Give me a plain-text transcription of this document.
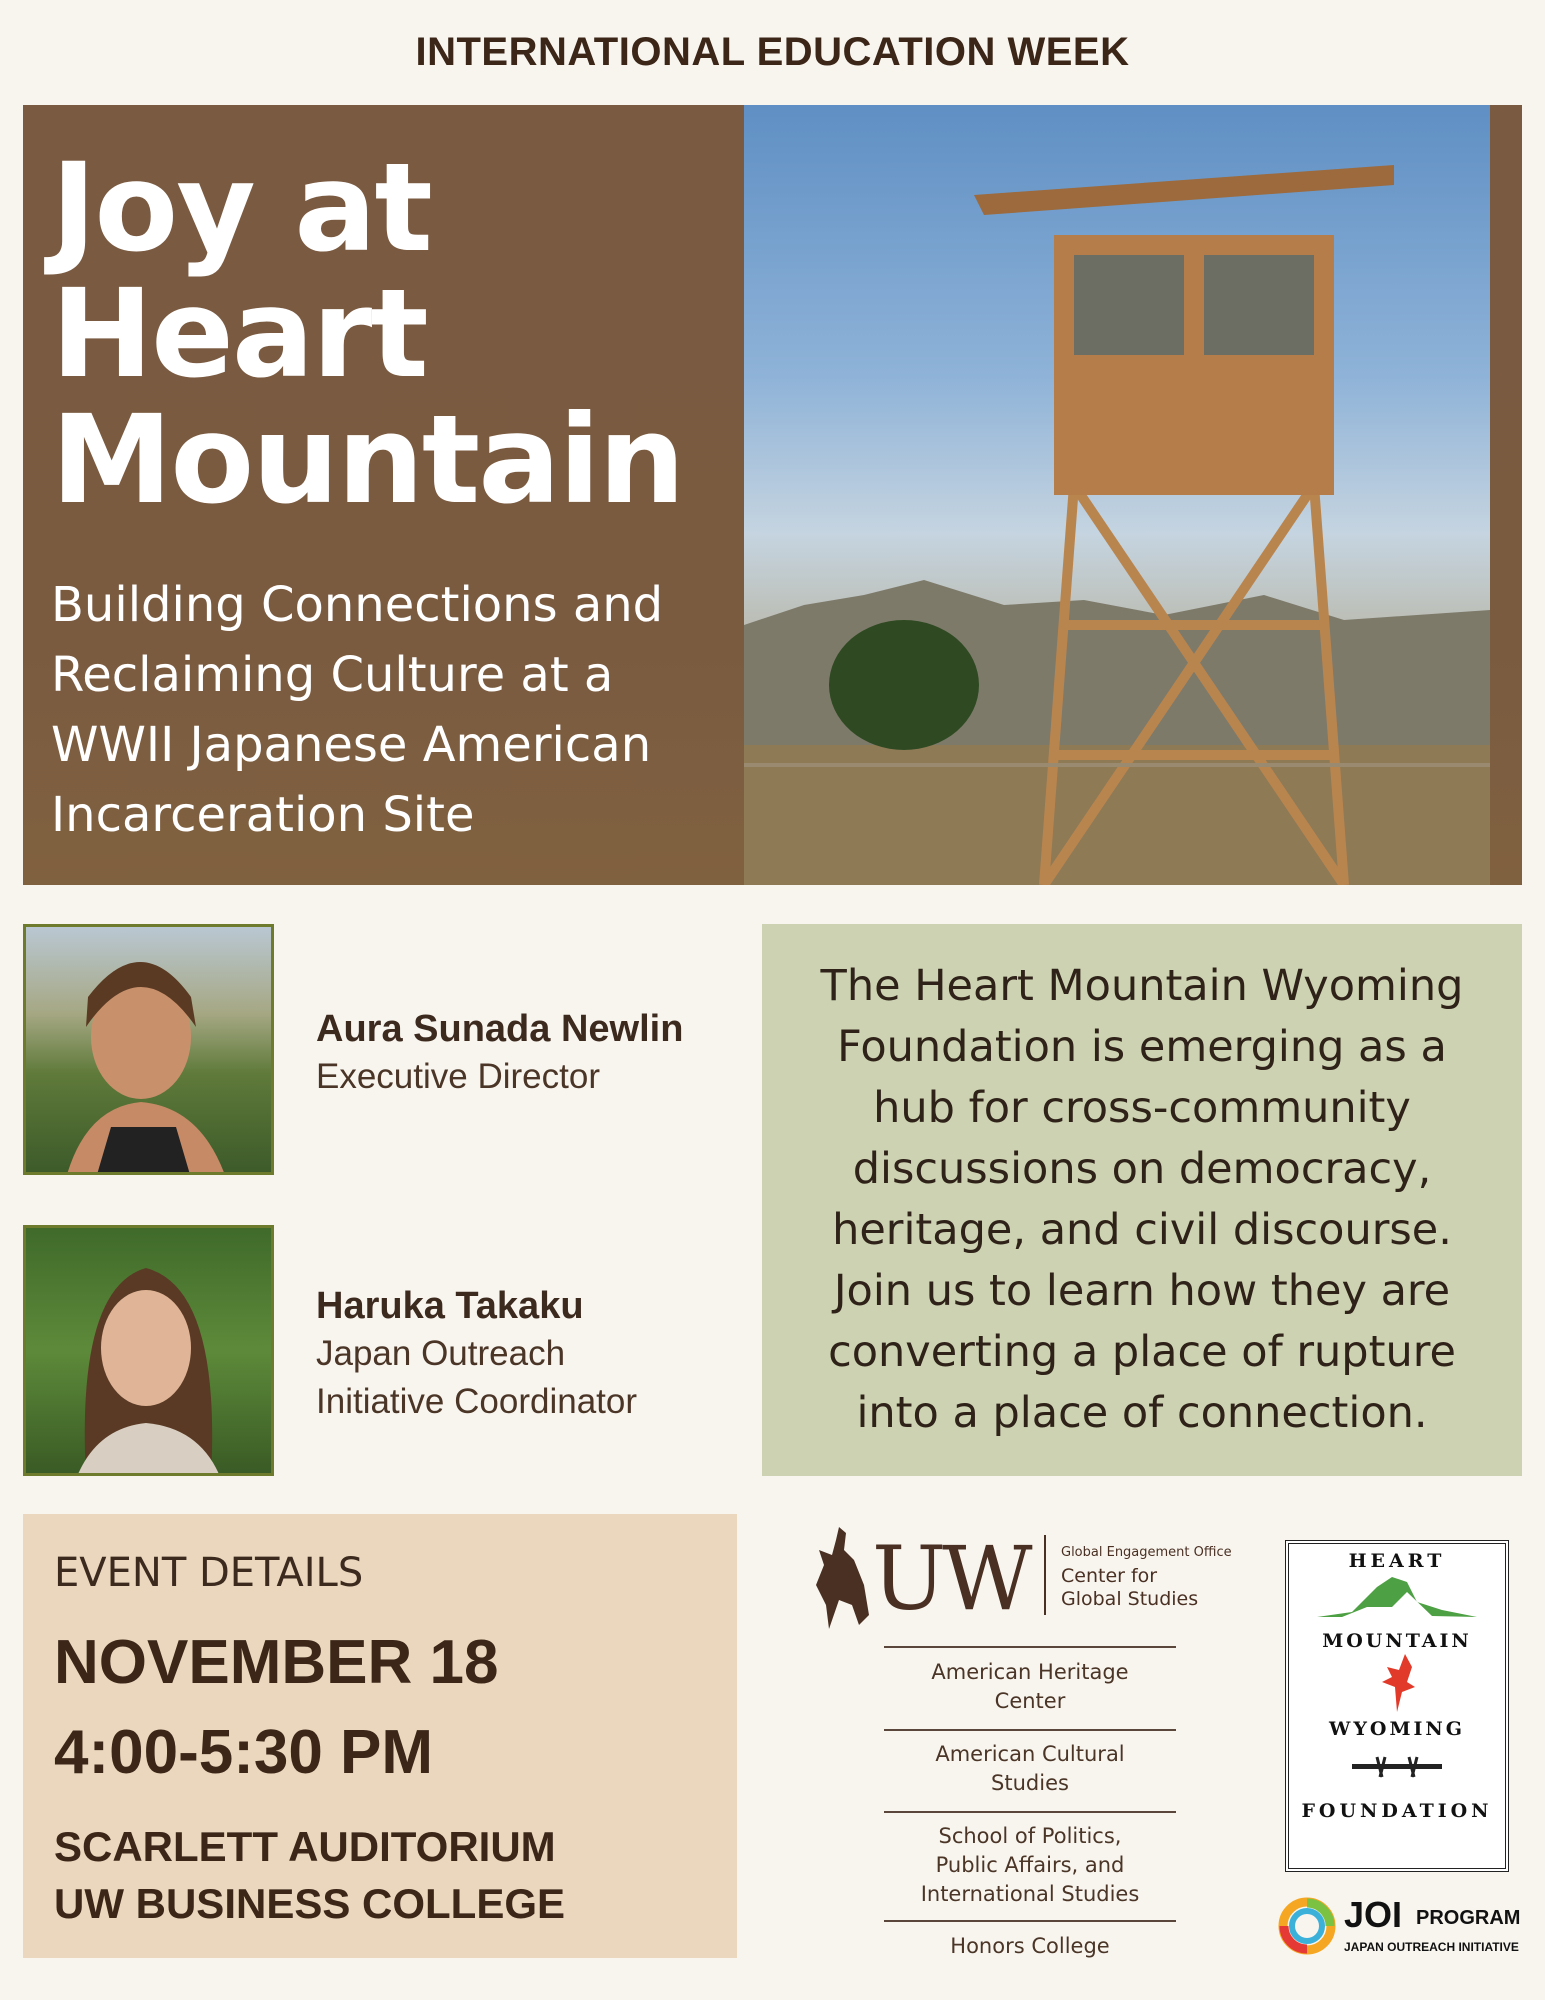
INTERNATIONAL EDUCATION WEEK
Joy at
Heart
Mountain
Building Connections and
Reclaiming Culture at a
WWII Japanese American
Incarceration Site
Aura Sunada Newlin
Executive Director
Haruka Takaku
Japan Outreach
Initiative Coordinator
The Heart Mountain Wyoming Foundation is emerging as a hub for cross-community discussions on democracy, heritage, and civil discourse. Join us to learn how they are converting a place of rupture into a place of connection.
EVENT DETAILS
NOVEMBER 18
4:00-5:30 PM
SCARLETT AUDITORIUM
UW BUSINESS COLLEGE
UW Global Engagement Office
Center for
Global Studies
American Heritage
Center
American Cultural
Studies
School of Politics,
Public Affairs, and
International Studies
Honors College
HEART
MOUNTAIN
WYOMING
FOUNDATION
JOI PROGRAM
JAPAN OUTREACH INITIATIVE
